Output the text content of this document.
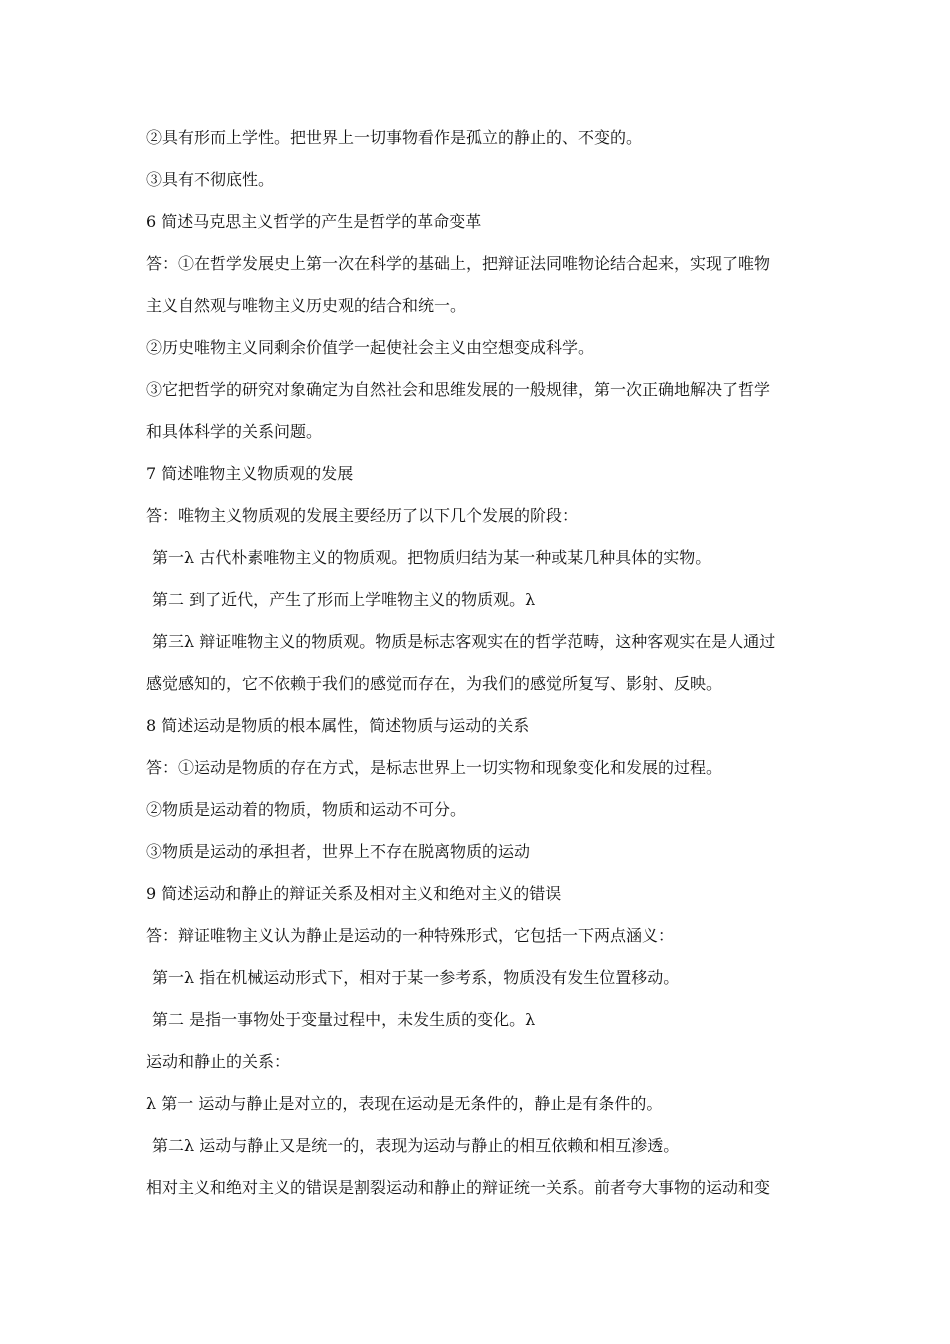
②具有形而上学性。把世界上一切事物看作是孤立的静止的、不变的。
③具有不彻底性。
6 简述马克思主义哲学的产生是哲学的革命变革
答：①在哲学发展史上第一次在科学的基础上，把辩证法同唯物论结合起来，实现了唯物
主义自然观与唯物主义历史观的结合和统一。
②历史唯物主义同剩余价值学一起使社会主义由空想变成科学。
③它把哲学的研究对象确定为自然社会和思维发展的一般规律，第一次正确地解决了哲学
和具体科学的关系问题。
7 简述唯物主义物质观的发展
答：唯物主义物质观的发展主要经历了以下几个发展的阶段：
第一λ 古代朴素唯物主义的物质观。把物质归结为某一种或某几种具体的实物。
第二 到了近代，产生了形而上学唯物主义的物质观。λ
第三λ 辩证唯物主义的物质观。物质是标志客观实在的哲学范畴，这种客观实在是人通过
感觉感知的，它不依赖于我们的感觉而存在，为我们的感觉所复写、影射、反映。
8 简述运动是物质的根本属性，简述物质与运动的关系
答：①运动是物质的存在方式，是标志世界上一切实物和现象变化和发展的过程。
②物质是运动着的物质，物质和运动不可分。
③物质是运动的承担者，世界上不存在脱离物质的运动
9 简述运动和静止的辩证关系及相对主义和绝对主义的错误
答：辩证唯物主义认为静止是运动的一种特殊形式，它包括一下两点涵义：
第一λ 指在机械运动形式下，相对于某一参考系，物质没有发生位置移动。
第二 是指一事物处于变量过程中，未发生质的变化。λ
运动和静止的关系：
λ 第一 运动与静止是对立的，表现在运动是无条件的，静止是有条件的。
第二λ 运动与静止又是统一的，表现为运动与静止的相互依赖和相互渗透。
相对主义和绝对主义的错误是割裂运动和静止的辩证统一关系。前者夸大事物的运动和变
